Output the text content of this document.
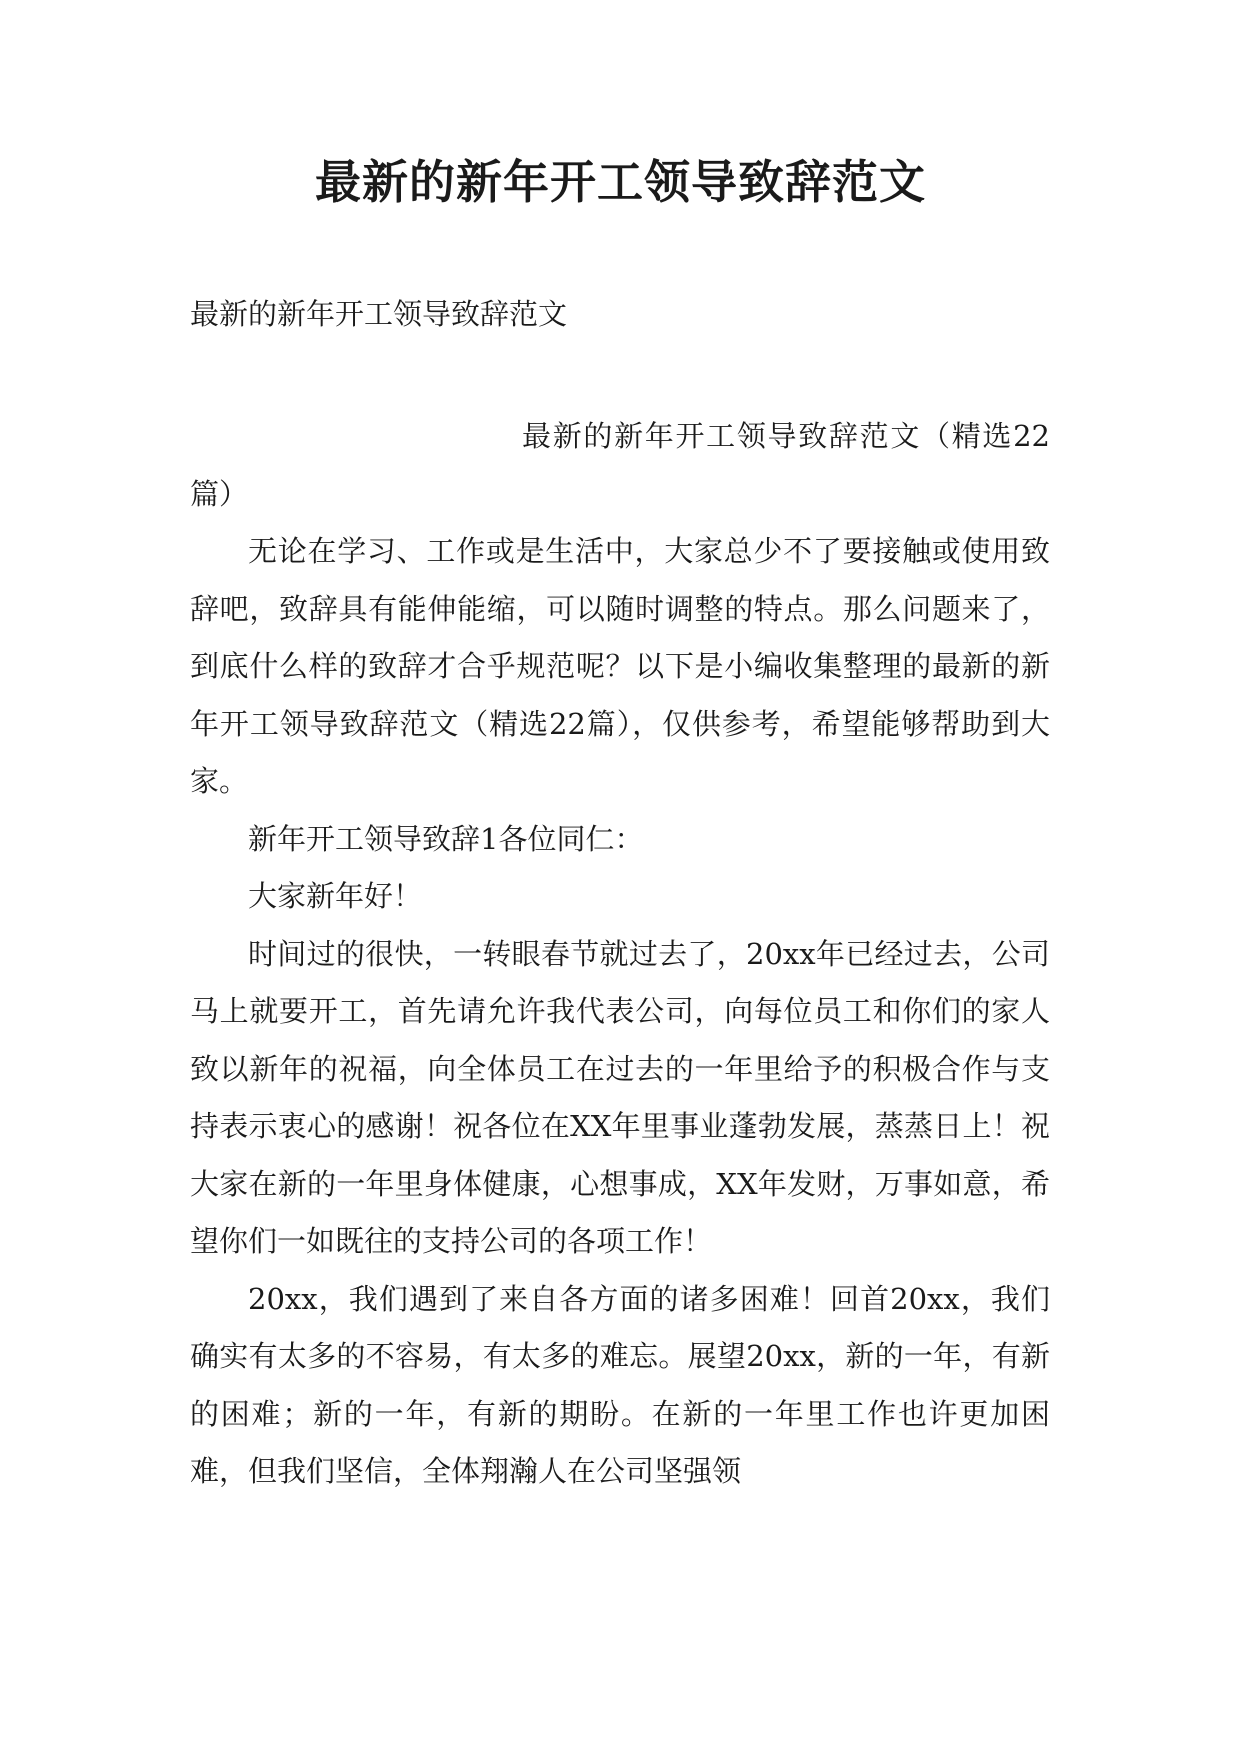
最新的新年开工领导致辞范文

最新的新年开工领导致辞范文

最新的新年开工领导致辞范文（精选22篇）

无论在学习、工作或是生活中，大家总少不了要接触或使用致辞吧，致辞具有能伸能缩，可以随时调整的特点。那么问题来了，到底什么样的致辞才合乎规范呢？以下是小编收集整理的最新的新年开工领导致辞范文（精选22篇），仅供参考，希望能够帮助到大家。

新年开工领导致辞1各位同仁：

大家新年好！

时间过的很快，一转眼春节就过去了，20xx年已经过去，公司马上就要开工，首先请允许我代表公司，向每位员工和你们的家人致以新年的祝福，向全体员工在过去的一年里给予的积极合作与支持表示衷心的感谢！祝各位在XX年里事业蓬勃发展，蒸蒸日上！祝大家在新的一年里身体健康，心想事成，XX年发财，万事如意，希望你们一如既往的支持公司的各项工作！

20xx，我们遇到了来自各方面的诸多困难！回首20xx，我们确实有太多的不容易，有太多的难忘。展望20xx，新的一年，有新的困难；新的一年，有新的期盼。在新的一年里工作也许更加困难，但我们坚信，全体翔瀚人在公司坚强领
